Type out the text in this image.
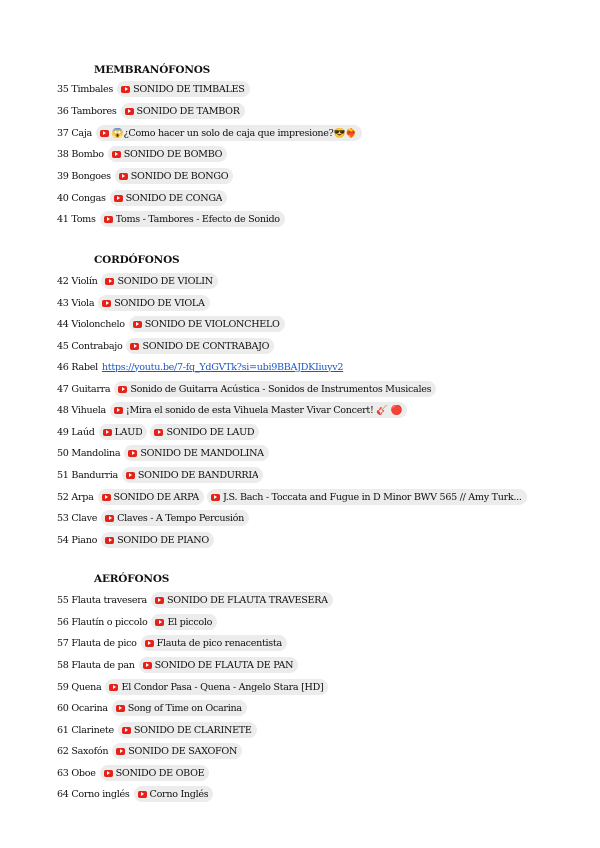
MEMBRANÓFONOS
CORDÓFONOS
AERÓFONOS
35 Timbales SONIDO DE TIMBALES
36 Tambores SONIDO DE TAMBOR
37 Caja 😱¿Como hacer un solo de caja que impresione?😎❤️‍🔥
38 Bombo SONIDO DE BOMBO
39 Bongoes SONIDO DE BONGO
40 Congas SONIDO DE CONGA
41 Toms Toms - Tambores - Efecto de Sonido
42 Violín SONIDO DE VIOLIN
43 Viola SONIDO DE VIOLA
44 Violonchelo SONIDO DE VIOLONCHELO
45 Contrabajo SONIDO DE CONTRABAJO
46 Rabel https://youtu.be/7-fq_YdGVTk?si=ubi9BBAJDKIiuyv2
47 Guitarra Sonido de Guitarra Acústica - Sonidos de Instrumentos Musicales
48 Vihuela ¡Mira el sonido de esta Vihuela Master Vivar Concert! 🎸 🔴
49 Laúd LAUD	SONIDO DE LAUD
50 Mandolina SONIDO DE MANDOLINA
51 Bandurria SONIDO DE BANDURRIA
52 Arpa SONIDO DE ARPA	J.S. Bach - Toccata and Fugue in D Minor BWV 565 // Amy Turk...
53 Clave Claves - A Tempo Percusión
54 Piano SONIDO DE PIANO
55 Flauta travesera SONIDO DE FLAUTA TRAVESERA
56 Flautín o piccolo El piccolo
57 Flauta de pico Flauta de pico renacentista
58 Flauta de pan SONIDO DE FLAUTA DE PAN
59 Quena El Condor Pasa - Quena - Angelo Stara [HD]
60 Ocarina Song of Time on Ocarina
61 Clarinete SONIDO DE CLARINETE
62 Saxofón SONIDO DE SAXOFON
63 Oboe SONIDO DE OBOE
64 Corno inglés Corno Inglés
